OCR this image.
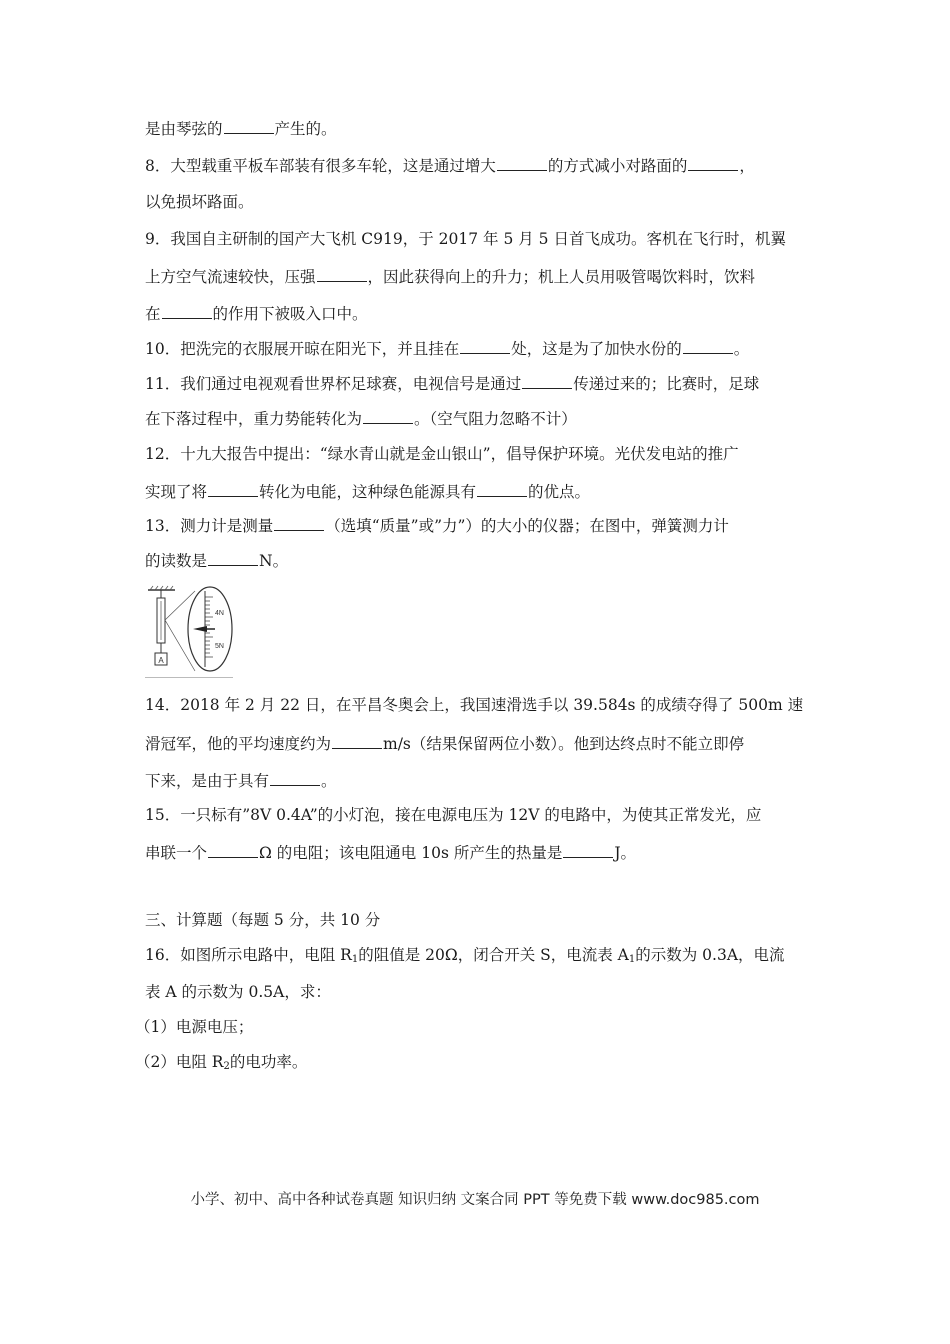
是由琴弦的	产生的。
8．大型载重平板车部装有很多车轮，这是通过增大	的方式减小对路面的	，
以免损坏路面。
9．我国自主研制的国产大飞机 C919，于 2017 年 5 月 5 日首飞成功。客机在飞行时，机翼
上方空气流速较快，压强	，因此获得向上的升力；机上人员用吸管喝饮料时，饮料
在	的作用下被吸入口中。
10．把洗完的衣服展开晾在阳光下，并且挂在	处，这是为了加快水份的	。
11．我们通过电视观看世界杯足球赛，电视信号是通过	传递过来的；比赛时，足球
在下落过程中，重力势能转化为	。（空气阻力忽略不计）
12．十九大报告中提出：“绿水青山就是金山银山”，倡导保护环境。光伏发电站的推广
实现了将	转化为电能，这种绿色能源具有	的优点。
13．测力计是测量	（选填“质量”或”力”）的大小的仪器；在图中，弹簧测力计
的读数是	N。
A
4N
5N
14．2018 年 2 月 22 日，在平昌冬奥会上，我国速滑选手以 39.584s 的成绩夺得了 500m 速
滑冠军，他的平均速度约为	m/s（结果保留两位小数）。他到达终点时不能立即停
下来，是由于具有	。
15．一只标有”8V 0.4A”的小灯泡，接在电源电压为 12V 的电路中，为使其正常发光，应
串联一个	Ω 的电阻；该电阻通电 10s 所产生的热量是	J。
三、计算题（每题 5 分，共 10 分
16．如图所示电路中，电阻 $R_1$的阻值是 20Ω，闭合开关 S，电流表 $A_1$的示数为 0.3A，电流
表 A 的示数为 0.5A，求：
（1）电源电压；
（2）电阻 $R_2$的电功率。
小学、初中、高中各种试卷真题 知识归纳 文案合同 PPT 等免费下载 www.doc985.com
